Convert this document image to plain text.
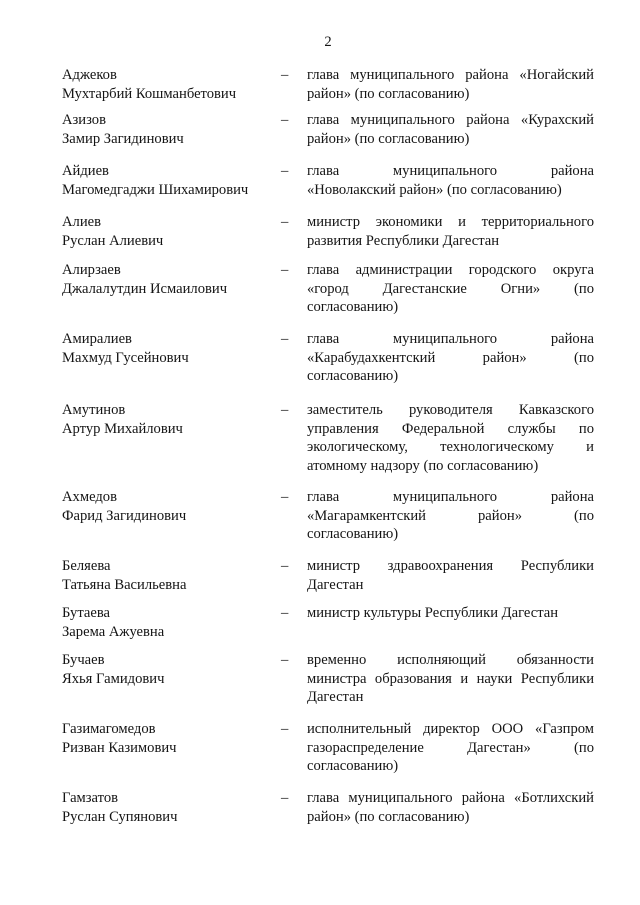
2
Аджеков
Мухтарбий Кошманбетович
– глава муниципального района «Ногайский
район» (по согласованию)
Азизов
Замир Загидинович
– глава муниципального района «Курахский
район» (по согласованию)
Айдиев
Магомедгаджи Шихамирович
– глава муниципального района
«Новолакский район» (по согласованию)
Алиев
Руслан Алиевич
– министр экономики и территориального
развития Республики Дагестан
Алирзаев
Джалалутдин Исмаилович
– глава администрации городского округа
«город Дагестанские Огни» (по
согласованию)
Амиралиев
Махмуд Гусейнович
– глава муниципального района
«Карабудахкентский район» (по
согласованию)
Амутинов
Артур Михайлович
– заместитель руководителя Кавказского
управления Федеральной службы по
экологическому, технологическому и
атомному надзору (по согласованию)
Ахмедов
Фарид Загидинович
– глава муниципального района
«Магарамкентский район» (по
согласованию)
Беляева
Татьяна Васильевна
– министр здравоохранения Республики
Дагестан
Бутаева
Зарема Ажуевна
– министр культуры Республики Дагестан
Бучаев
Яхья Гамидович
– временно исполняющий обязанности
министра образования и науки Республики
Дагестан
Газимагомедов
Ризван Казимович
– исполнительный директор ООО «Газпром
газораспределение Дагестан» (по
согласованию)
Гамзатов
Руслан Супянович
– глава муниципального района «Ботлихский
район» (по согласованию)
